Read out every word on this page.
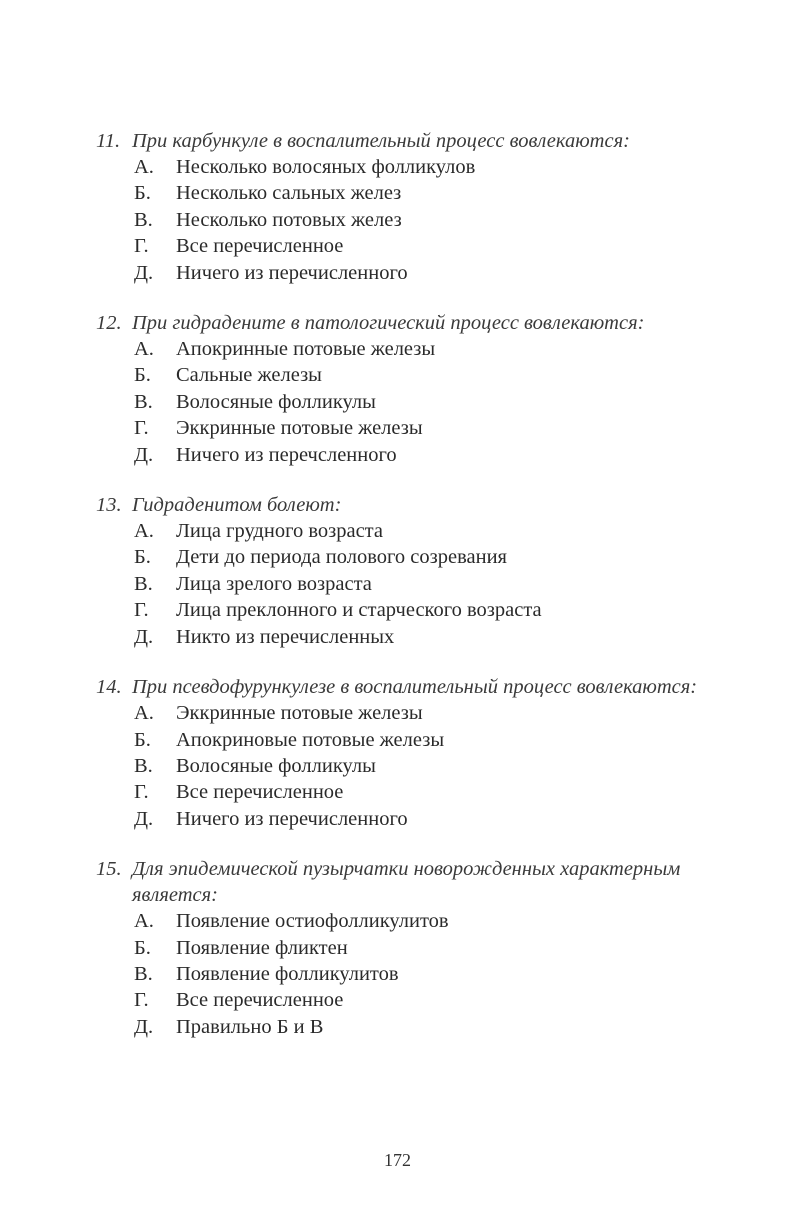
11. При карбункуле в воспалительный процесс вовлекаются:
А.	Несколько волосяных фолликулов
Б.	Несколько сальных желез
В.	Несколько потовых желез
Г.	Все перечисленное
Д.	Ничего из перечисленного
12. При гидрадените в патологический процесс вовлекаются:
А.	Апокринные потовые железы
Б.	Сальные железы
В.	Волосяные фолликулы
Г.	Эккринные потовые железы
Д.	Ничего из перечсленного
13. Гидраденитом болеют:
А.	Лица грудного возраста
Б.	Дети до периода полового созревания
В.	Лица зрелого возраста
Г.	Лица преклонного и старческого возраста
Д.	Никто из перечисленных
14. При псевдофурункулезе в воспалительный процесс вовлекаются:
А.	Эккринные потовые железы
Б.	Апокриновые потовые железы
В.	Волосяные фолликулы
Г.	Все перечисленное
Д.	Ничего из перечисленного
15. Для эпидемической пузырчатки новорожденных характерным является:
А.	Появление остиофолликулитов
Б.	Появление фликтен
В.	Появление фолликулитов
Г.	Все перечисленное
Д.	Правильно Б и В
172
